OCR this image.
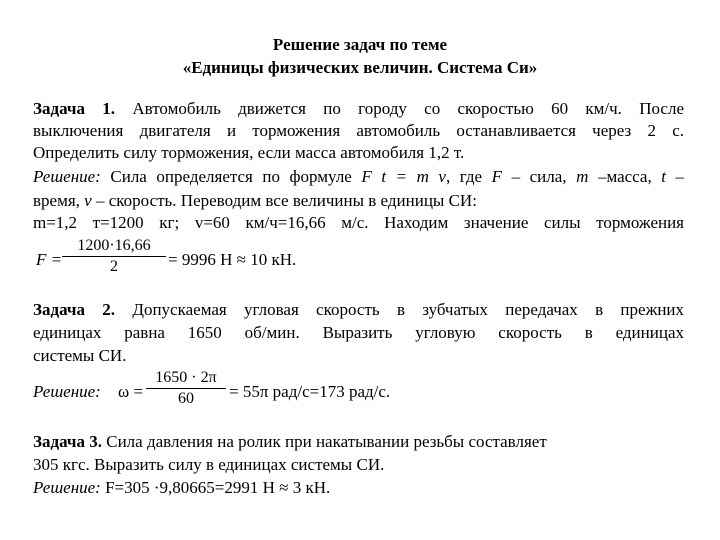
Решение задач по теме
«Единицы физических величин. Система Си»
Задача 1. Автомобиль движется по городу со скоростью 60 км/ч. После
выключения двигателя и торможения автомобиль останавливается через 2 с.
Определить силу торможения, если масса автомобиля 1,2 т.
Решение: Сила определяется по формуле F t = m v, где F – сила, m –масса, t –
время, v – скорость. Переводим все величины в единицы СИ:
m=1,2 т=1200 кг; v=60 км/ч=16,66 м/с. Находим значение силы торможения
$F = \frac{1200\cdot 16,66}{2} = 9996$ Н ≈ 10 кН.
Задача 2. Допускаемая угловая скорость в зубчатых передачах в прежних
единицах равна 1650 об/мин. Выразить угловую скорость в единицах
системы СИ.
Решение: $\omega = \frac{1650 \cdot 2\pi}{60} = 55\pi$ рад/с=173 рад/с.
Задача 3. Сила давления на ролик при накатывании резьбы составляет
305 кгс. Выразить силу в единицах системы СИ.
Решение: F=305 ·9,80665=2991 Н ≈ 3 кН.
